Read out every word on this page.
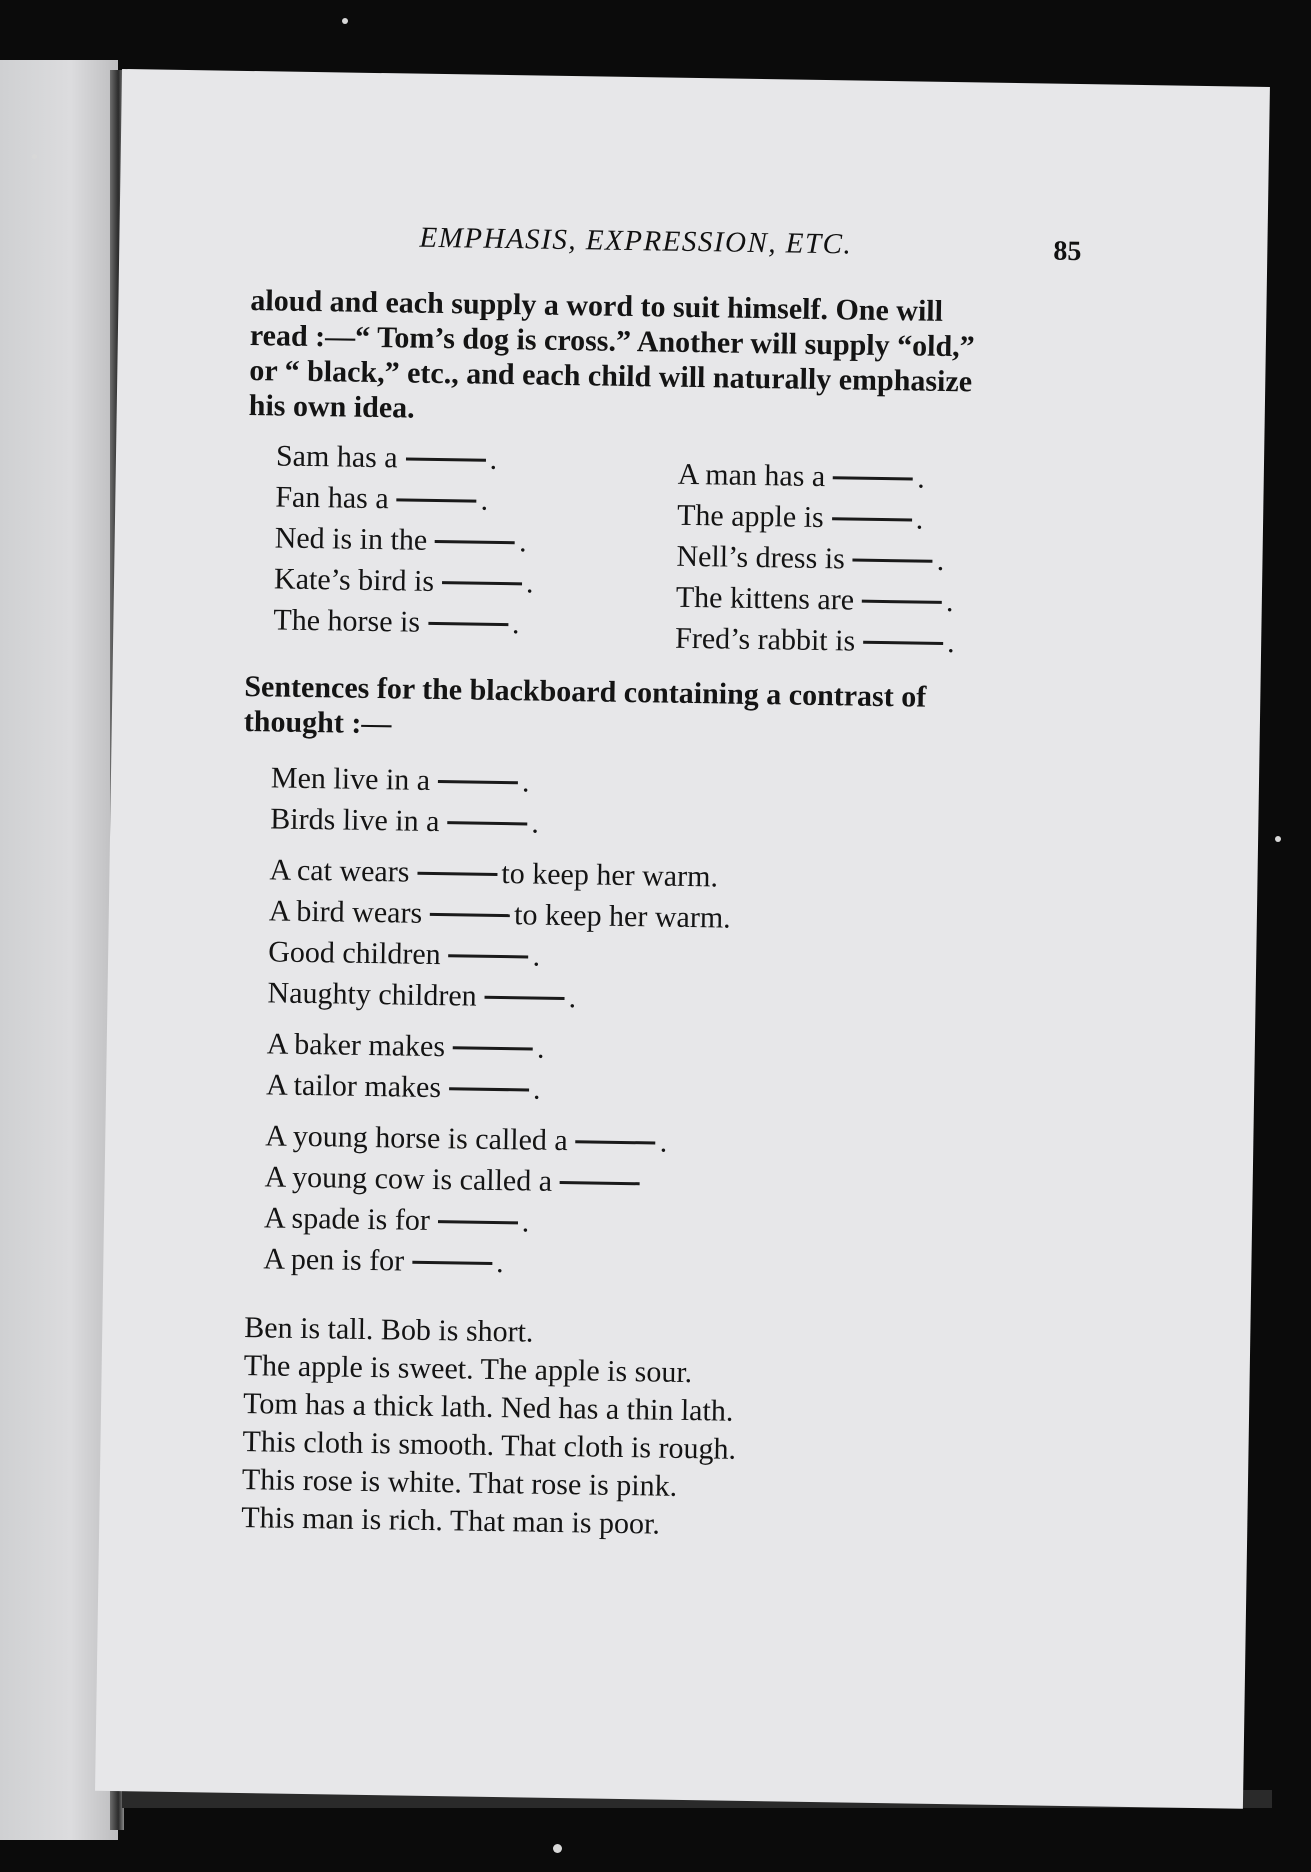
EMPHASIS, EXPRESSION, ETC.	85

aloud and each supply a word to suit himself. One will
read :—“ Tom’s dog is cross.” Another will supply “old,”
or “ black,” etc., and each child will naturally emphasize
his own idea.

Sam has a	.
Fan has a	.
Ned is in the	.
Kate’s bird is	.
The horse is	.
A man has a	.
The apple is	.
Nell’s dress is	.
The kittens are	.
Fred’s rabbit is	.

Sentences for the blackboard containing a contrast of
thought :—

Men live in a	.
Birds live in a	.
A cat wears	to keep her warm.
A bird wears	to keep her warm.
Good children	.
Naughty children	.
A baker makes	.
A tailor makes	.
A young horse is called a	.
A young cow is called a
A spade is for	.
A pen is for	.
Ben is tall. Bob is short.
The apple is sweet. The apple is sour.
Tom has a thick lath. Ned has a thin lath.
This cloth is smooth. That cloth is rough.
This rose is white. That rose is pink.
This man is rich. That man is poor.
